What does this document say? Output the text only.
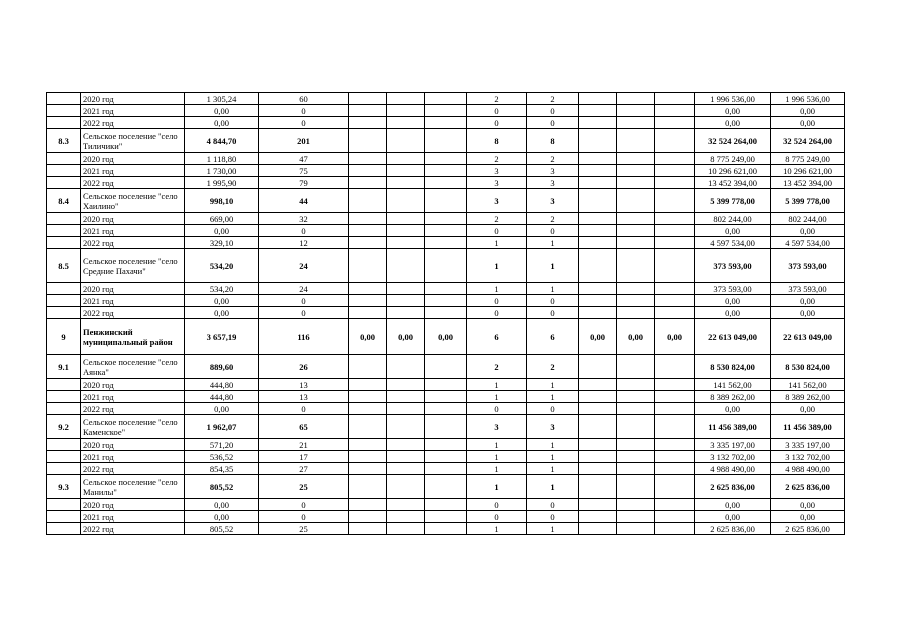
	2020 год	1 305,24	60				2	2				1 996 536,00	1 996 536,00
	2021 год	0,00	0				0	0				0,00	0,00
	2022 год	0,00	0				0	0				0,00	0,00
8.3	Сельское поселение "село Тиличики"	4 844,70	201				8	8				32 524 264,00	32 524 264,00
	2020 год	1 118,80	47				2	2				8 775 249,00	8 775 249,00
	2021 год	1 730,00	75				3	3				10 296 621,00	10 296 621,00
	2022 год	1 995,90	79				3	3				13 452 394,00	13 452 394,00
8.4	Сельское поселение "село Хаилино"	998,10	44				3	3				5 399 778,00	5 399 778,00
	2020 год	669,00	32				2	2				802 244,00	802 244,00
	2021 год	0,00	0				0	0				0,00	0,00
	2022 год	329,10	12				1	1				4 597 534,00	4 597 534,00
8.5	Сельское поселение "село Средние Пахачи"	534,20	24				1	1				373 593,00	373 593,00
	2020 год	534,20	24				1	1				373 593,00	373 593,00
	2021 год	0,00	0				0	0				0,00	0,00
	2022 год	0,00	0				0	0				0,00	0,00
9	Пенжинский муниципальный район	3 657,19	116	0,00	0,00	0,00	6	6	0,00	0,00	0,00	22 613 049,00	22 613 049,00
9.1	Сельское поселение "село Аянка"	889,60	26				2	2				8 530 824,00	8 530 824,00
	2020 год	444,80	13				1	1				141 562,00	141 562,00
	2021 год	444,80	13				1	1				8 389 262,00	8 389 262,00
	2022 год	0,00	0				0	0				0,00	0,00
9.2	Сельское поселение "село Каменское"	1 962,07	65				3	3				11 456 389,00	11 456 389,00
	2020 год	571,20	21				1	1				3 335 197,00	3 335 197,00
	2021 год	536,52	17				1	1				3 132 702,00	3 132 702,00
	2022 год	854,35	27				1	1				4 988 490,00	4 988 490,00
9.3	Сельское поселение "село Манилы"	805,52	25				1	1				2 625 836,00	2 625 836,00
	2020 год	0,00	0				0	0				0,00	0,00
	2021 год	0,00	0				0	0				0,00	0,00
	2022 год	805,52	25				1	1				2 625 836,00	2 625 836,00
